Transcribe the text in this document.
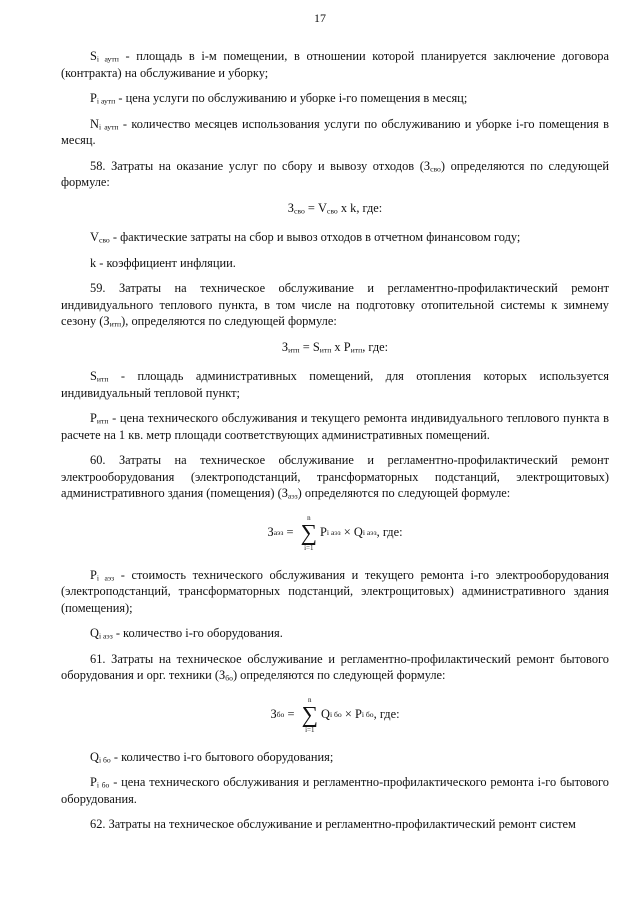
17

$S_{i аутп}$ - площадь в i-м помещении, в отношении которой планируется заключение договора (контракта) на обслуживание и уборку;

$P_{i аутп}$ - цена услуги по обслуживанию и уборке i-го помещения в месяц;

$N_{i аутп}$ - количество месяцев использования услуги по обслуживанию и уборке i-го помещения в месяц.

58. Затраты на оказание услуг по сбору и вывозу отходов $(З_{сво})$ определяются по следующей формуле:

$З_{сво} = V_{сво}$ x k, где:

$V_{сво}$ - фактические затраты на сбор и вывоз отходов в отчетном финансовом году;

k - коэффициент инфляции.

59. Затраты на техническое обслуживание и регламентно-профилактический ремонт индивидуального теплового пункта, в том числе на подготовку отопительной системы к зимнему сезону $(З_{итп})$, определяются по следующей формуле:

$З_{итп} = S_{итп}$ x $P_{итп}$, где:

$S_{итп}$ - площадь административных помещений, для отопления которых используется индивидуальный тепловой пункт;

$P_{итп}$ - цена технического обслуживания и текущего ремонта индивидуального теплового пункта в расчете на 1 кв. метр площади соответствующих административных помещений.

60. Затраты на техническое обслуживание и регламентно-профилактический ремонт электрооборудования (электроподстанций, трансформаторных подстанций, электрощитовых) административного здания (помещения) $(З_{аэз})$ определяются по следующей формуле:

З аэз =
n
∑
i=1
P i аэз × Q i аэз , где:

$P_{i аэз}$ - стоимость технического обслуживания и текущего ремонта i-го электрооборудования (электроподстанций, трансформаторных подстанций, электрощитовых) административного здания (помещения);

$Q_{i аэз}$ - количество i-го оборудования.

61. Затраты на техническое обслуживание и регламентно-профилактический ремонт бытового оборудования и орг. техники $(З_{бо})$ определяются по следующей формуле:

З бо =
n
∑
i=1
Q i бо × P i бо , где:

$Q_{i бо}$ - количество i-го бытового оборудования;

$P_{i бо}$ - цена технического обслуживания и регламентно-профилактического ремонта i-го бытового оборудования.

62. Затраты на техническое обслуживание и регламентно-профилактический ремонт систем
